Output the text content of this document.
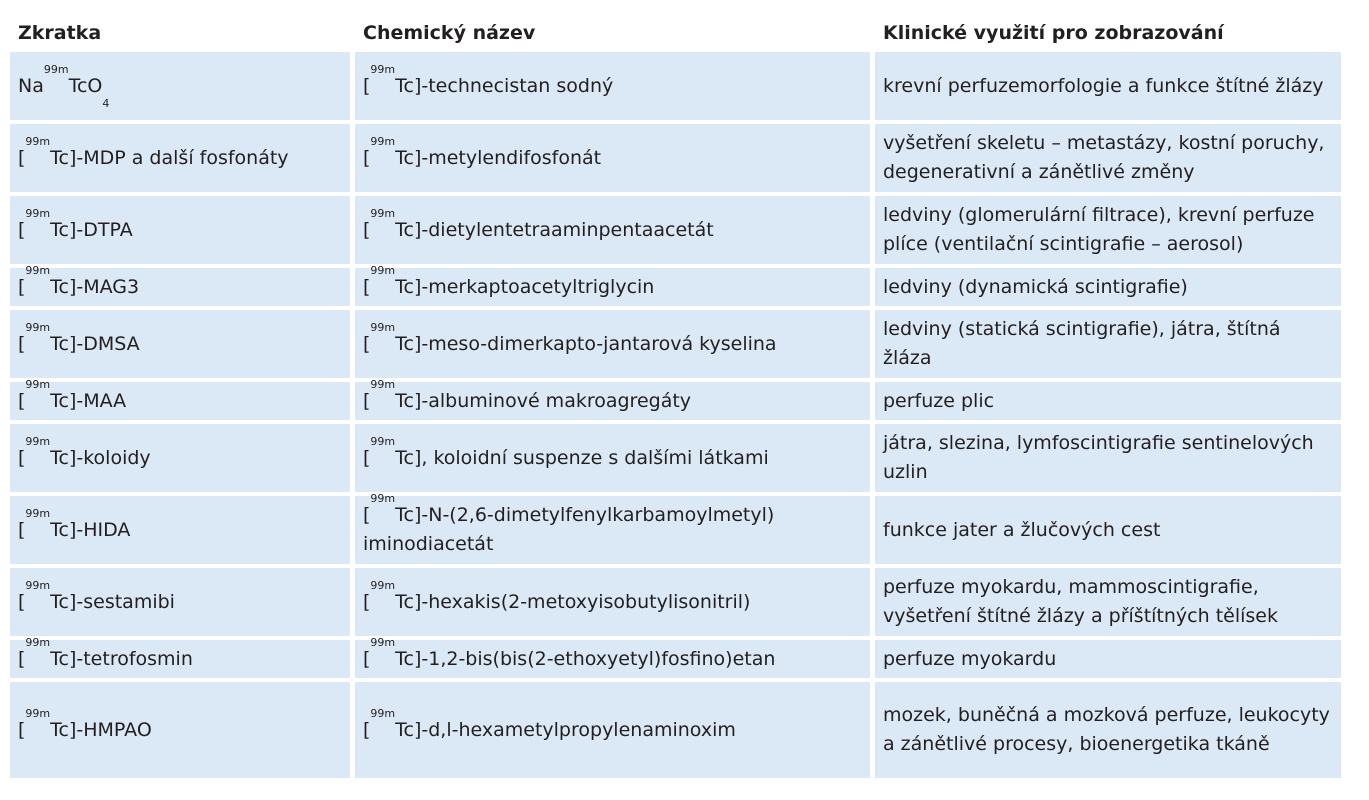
Zkratka	Chemický název	Klinické využití pro zobrazování
$Na^{99m}TcO4$	[$^{99m}$Tc]-technecistan sodný	krevní perfuzemorfologie a funkce štítné žlázy
[$^{99m}$Tc]-MDP a další fosfonáty	[$^{99m}$Tc]-metylendifosfonát	vyšetření skeletu – metastázy, kostní poruchy, degenerativní a zánětlivé změny
[$^{99m}$Tc]-DTPA	[$^{99m}$Tc]-dietylentetraaminpentaacetát	ledviny (glomerulární filtrace), krevní perfuze plíce (ventilační scintigrafie – aerosol)
[$^{99m}$Tc]-MAG3	[$^{99m}$Tc]-merkaptoacetyltriglycin	ledviny (dynamická scintigrafie)
[$^{99m}$Tc]-DMSA	[$^{99m}$Tc]-meso-dimerkapto-jantarová kyselina	ledviny (statická scintigrafie), játra, štítná žláza
[$^{99m}$Tc]-MAA	[$^{99m}$Tc]-albuminové makroagregáty	perfuze plic
[$^{99m}$Tc]-koloidy	[$^{99m}$Tc], koloidní suspenze s dalšími látkami	játra, slezina, lymfoscintigrafie sentinelových uzlin
[$^{99m}$Tc]-HIDA	[$^{99m}$Tc]-N-(2,6-dimetylfenylkarbamoylmetyl) iminodiacetát	funkce jater a žlučových cest
[$^{99m}$Tc]-sestamibi	[$^{99m}$Tc]-hexakis(2-metoxyisobutylisonitril)	perfuze myokardu, mammoscintigrafie, vyšetření štítné žlázy a příštítných tělísek
[$^{99m}$Tc]-tetrofosmin	[$^{99m}$Tc]-1,2-bis(bis(2-ethoxyetyl)fosfino)etan	perfuze myokardu
[$^{99m}$Tc]-HMPAO	[$^{99m}$Tc]-d,l-hexametylpropylenaminoxim	mozek, buněčná a mozková perfuze, leukocyty a zánětlivé procesy, bioenergetika tkáně
